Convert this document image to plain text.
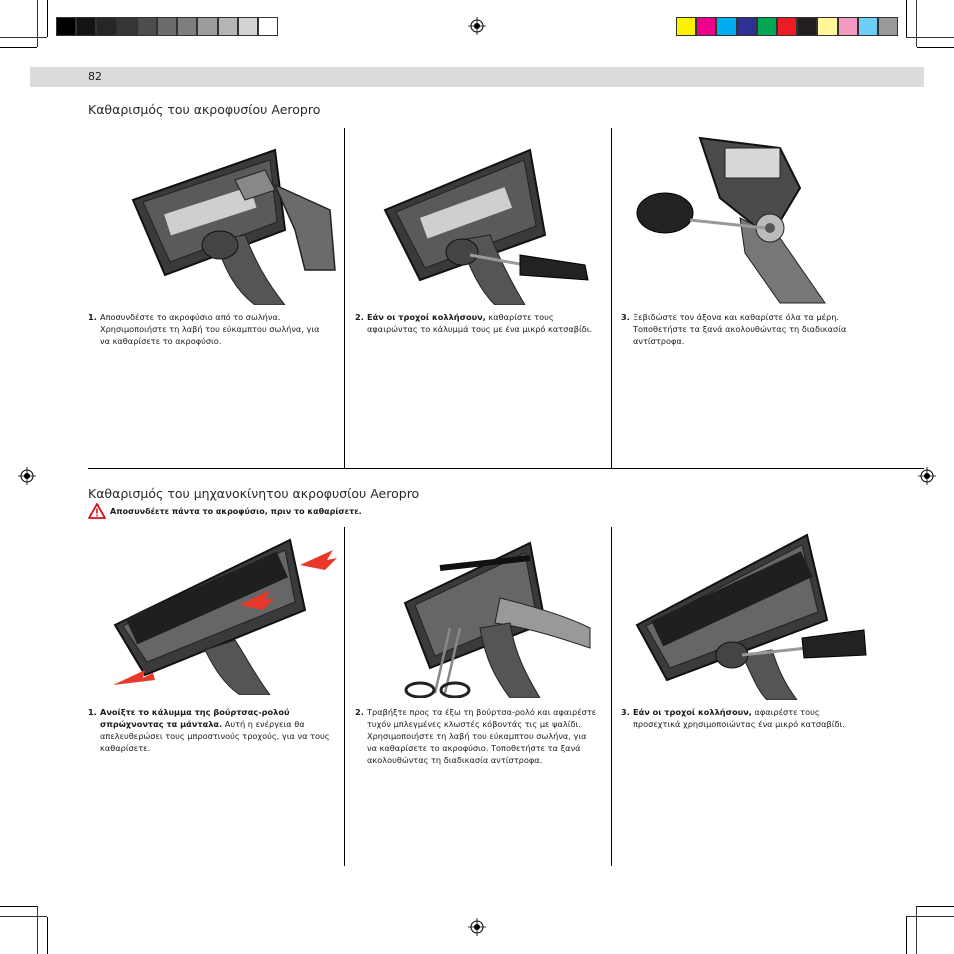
82
Καθαρισμός του ακροφυσίου Aeropro
1. Αποσυνδέστε το ακροφύσιο από το σωλήνα. Χρησιμοποιήστε τη λαβή του εύκαμπτου σωλήνα, για να καθαρίσετε το ακροφύσιο.
2. Εάν οι τροχοί κολλήσουν, καθαρίστε τους αφαιρώντας το κάλυμμά τους με ένα μικρό κατσαβίδι.
3. Ξεβιδώστε τον άξονα και καθαρίστε όλα τα μέρη. Τοποθετήστε τα ξανά ακολουθώντας τη διαδικασία αντίστροφα.
Καθαρισμός του μηχανοκίνητου ακροφυσίου Aeropro
Αποσυνδέετε πάντα το ακροφύσιο, πριν το καθαρίσετε.
1. Ανοίξτε το κάλυμμα της βούρτσας-ρολού σπρώχνοντας τα μάνταλα. Αυτή η ενέργεια θα απελευθερώσει τους μπροστινούς τροχούς, για να τους καθαρίσετε.
2. Τραβήξτε προς τα έξω τη βούρτσα-ρολό και αφαιρέστε τυχόν μπλεγμένες κλωστές κόβοντάς τις με ψαλίδι. Χρησιμοποιήστε τη λαβή του εύκαμπτου σωλήνα, για να καθαρίσετε το ακροφύσιο. Τοποθετήστε τα ξανά ακολουθώντας τη διαδικασία αντίστροφα.
3. Εάν οι τροχοί κολλήσουν, αφαιρέστε τους προσεχτικά χρησιμοποιώντας ένα μικρό κατσαβίδι.
